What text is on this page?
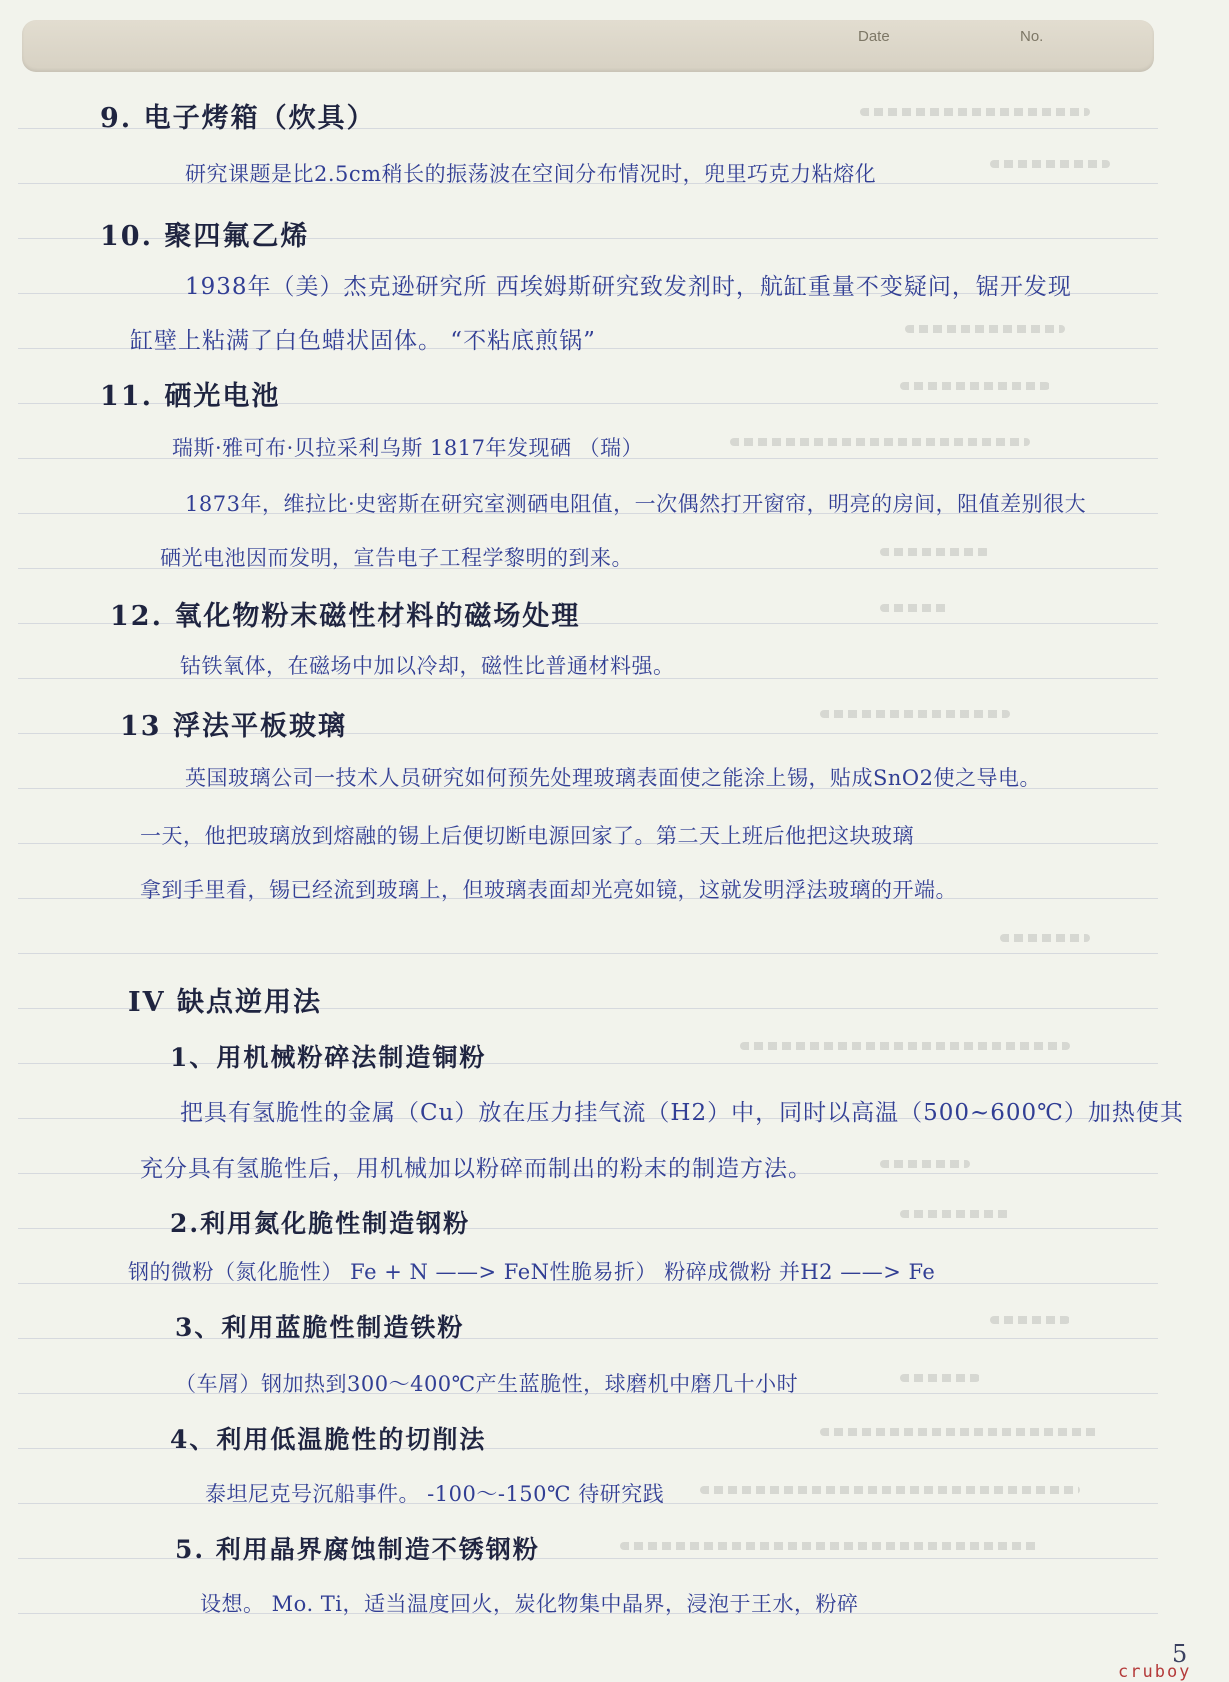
Date	No.
9. 电子烤箱（炊具）
研究课题是比2.5cm稍长的振荡波在空间分布情况时，兜里巧克力粘熔化
10. 聚四氟乙烯
1938年（美）杰克逊研究所 西埃姆斯研究致发剂时，航缸重量不变疑问，锯开发现
缸壁上粘满了白色蜡状固体。 “不粘底煎锅”
11. 硒光电池
瑞斯·雅可布·贝拉采利乌斯 1817年发现硒 （瑞）
1873年，维拉比·史密斯在研究室测硒电阻值，一次偶然打开窗帘，明亮的房间，阻值差别很大
硒光电池因而发明，宣告电子工程学黎明的到来。
12. 氧化物粉末磁性材料的磁场处理
钴铁氧体，在磁场中加以冷却，磁性比普通材料强。
13 浮法平板玻璃
英国玻璃公司一技术人员研究如何预先处理玻璃表面使之能涂上锡，贴成SnO2使之导电。
一天，他把玻璃放到熔融的锡上后便切断电源回家了。第二天上班后他把这块玻璃
拿到手里看，锡已经流到玻璃上，但玻璃表面却光亮如镜，这就发明浮法玻璃的开端。
IV 缺点逆用法
1、用机械粉碎法制造铜粉
把具有氢脆性的金属（Cu）放在压力挂气流（H2）中，同时以高温（500~600℃）加热使其
充分具有氢脆性后，用机械加以粉碎而制出的粉末的制造方法。
2.利用氮化脆性制造钢粉
钢的微粉（氮化脆性） Fe + N ——> FeN性脆易折） 粉碎成微粉 并H2 ——> Fe
3、利用蓝脆性制造铁粉
（车屑）钢加热到300～400℃产生蓝脆性，球磨机中磨几十小时
4、利用低温脆性的切削法
泰坦尼克号沉船事件。 -100～-150℃ 待研究践
5. 利用晶界腐蚀制造不锈钢粉
设想。 Mo. Ti，适当温度回火，炭化物集中晶界，浸泡于王水，粉碎
5
cruboy
